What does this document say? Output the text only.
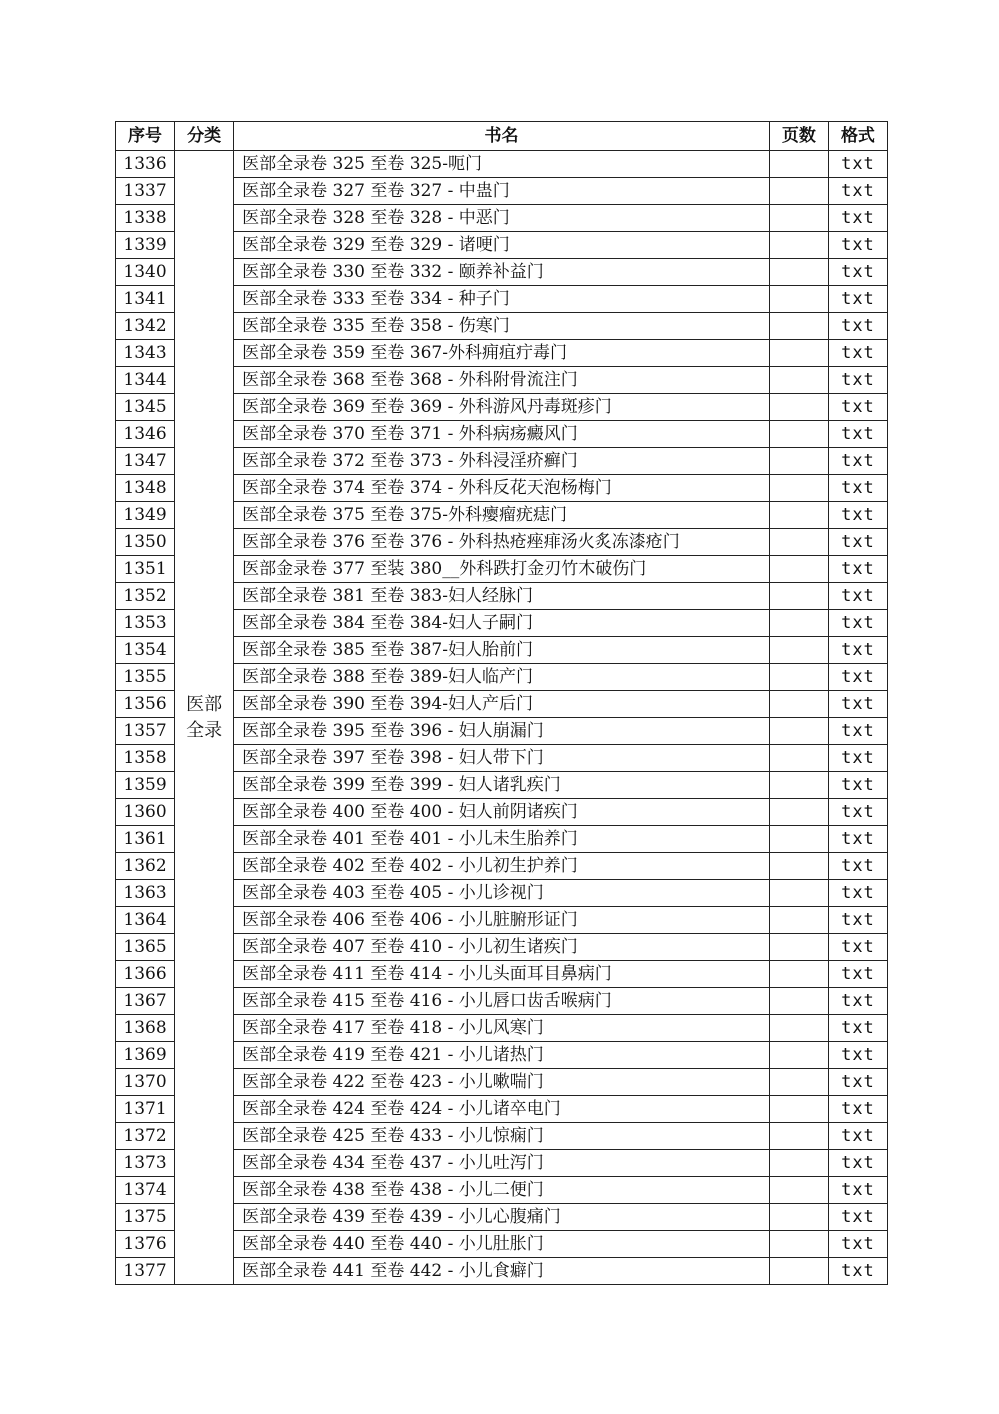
序号	分类	书名	页数	格式
1336	医部全录	医部全录卷 325 至卷 325-呃门		txt
1337		医部全录卷 327 至卷 327 - 中蛊门		txt
1338		医部全录卷 328 至卷 328 - 中恶门		txt
1339		医部全录卷 329 至卷 329 - 诸哽门		txt
1340		医部全录卷 330 至卷 332 - 颐养补益门		txt
1341		医部全录卷 333 至卷 334 - 种子门		txt
1342		医部全录卷 335 至卷 358 - 伤寒门		txt
1343		医部全录卷 359 至卷 367-外科痈疽疔毒门		txt
1344		医部全录卷 368 至卷 368 - 外科附骨流注门		txt
1345		医部全录卷 369 至卷 369 - 外科游风丹毒斑疹门		txt
1346		医部全录卷 370 至卷 371 - 外科病疡癜风门		txt
1347		医部全录卷 372 至卷 373 - 外科浸淫疥癣门		txt
1348		医部全录卷 374 至卷 374 - 外科反花天泡杨梅门		txt
1349		医部全录卷 375 至卷 375-外科瘿瘤疣痣门		txt
1350		医部全录卷 376 至卷 376 - 外科热疮痤痱汤火炙冻漆疮门		txt
1351		医部金录卷 377 至装 380__外科跌打金刃竹木破伤门		txt
1352		医部全录卷 381 至卷 383-妇人经脉门		txt
1353		医部全录卷 384 至卷 384-妇人子嗣门		txt
1354		医部全录卷 385 至卷 387-妇人胎前门		txt
1355		医部全录卷 388 至卷 389-妇人临产门		txt
1356		医部全录卷 390 至卷 394-妇人产后门		txt
1357		医部全录卷 395 至卷 396 - 妇人崩漏门		txt
1358		医部全录卷 397 至卷 398 - 妇人带下门		txt
1359		医部全录卷 399 至卷 399 - 妇人诸乳疾门		txt
1360		医部全录卷 400 至卷 400 - 妇人前阴诸疾门		txt
1361		医部全录卷 401 至卷 401 - 小儿未生胎养门		txt
1362		医部全录卷 402 至卷 402 - 小儿初生护养门		txt
1363		医部全录卷 403 至卷 405 - 小儿诊视门		txt
1364		医部全录卷 406 至卷 406 - 小儿脏腑形证门		txt
1365		医部全录卷 407 至卷 410 - 小儿初生诸疾门		txt
1366		医部全录卷 411 至卷 414 - 小儿头面耳目鼻病门		txt
1367		医部全录卷 415 至卷 416 - 小儿唇口齿舌喉病门		txt
1368		医部全录卷 417 至卷 418 - 小儿风寒门		txt
1369		医部全录卷 419 至卷 421 - 小儿诸热门		txt
1370		医部全录卷 422 至卷 423 - 小儿嗽喘门		txt
1371		医部全录卷 424 至卷 424 - 小儿诸卒电门		txt
1372		医部全录卷 425 至卷 433 - 小儿惊痫门		txt
1373		医部全录卷 434 至卷 437 - 小儿吐泻门		txt
1374		医部全录卷 438 至卷 438 - 小儿二便门		txt
1375		医部全录卷 439 至卷 439 - 小儿心腹痛门		txt
1376		医部全录卷 440 至卷 440 - 小儿肚胀门		txt
1377		医部全录卷 441 至卷 442 - 小儿食癖门		txt
